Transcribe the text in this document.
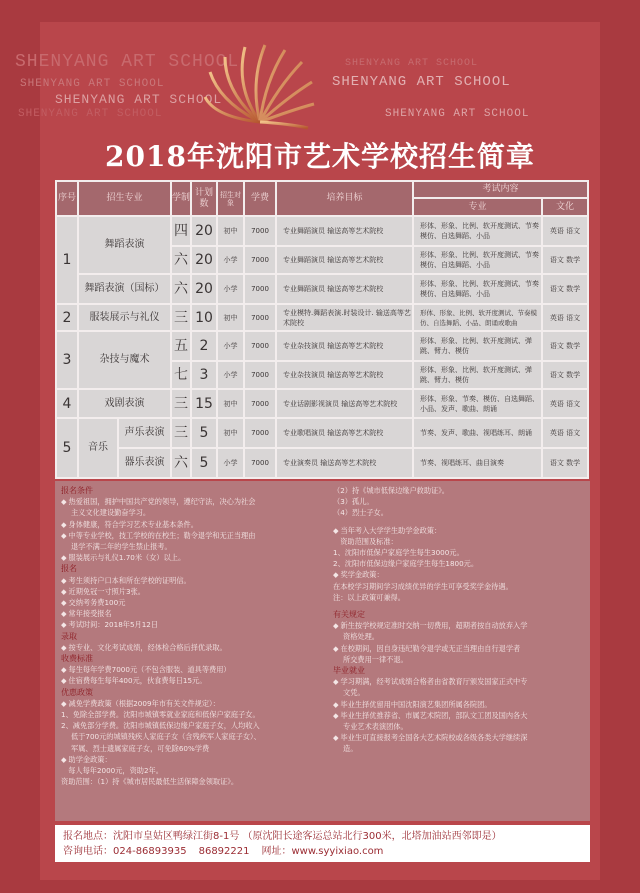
SHENYANG ART SCHOOL
SHENYANG ART SCHOOL
SHENYANG ART SCHOOL
SHENYANG ART SCHOOL
SHENYANG ART SCHOOL
SHENYANG ART SCHOOL
SHENYANG ART SCHOOL
2018年沈阳市艺术学校招生简章
序号	招生专业		学制	计划数	招生对象	学费	培养目标	考试内容	
								专业	文化
1	舞蹈表演		四	20	初中	7000	专业舞蹈演员 输送高等艺术院校	形体、形象、比例、软开度测试、节奏模仿、自选舞蹈、小品	英语 语文
			六	20	小学	7000	专业舞蹈演员 输送高等艺术院校	形体、形象、比例、软开度测试、节奏模仿、自选舞蹈、小品	语文 数学
	舞蹈表演（国标）		六	20	小学	7000	专业舞蹈演员 输送高等艺术院校	形体、形象、比例、软开度测试、节奏模仿、自选舞蹈、小品	语文 数学
2	服装展示与礼仪		三	10	初中	7000	专业模特.舞蹈表演.时装设计. 输送高等艺术院校	形体、形象、比例、软开度测试、节奏模仿、自选舞蹈、小品、朗诵或歌曲	英语 语文
3	杂技与魔术		五	2	小学	7000	专业杂技演员 输送高等艺术院校	形体、形象、比例、软开度测试、弹跳、臂力、模仿	语文 数学
			七	3	小学	7000	专业杂技演员 输送高等艺术院校	形体、形象、比例、软开度测试、弹跳、臂力、模仿	语文 数学
4	戏剧表演		三	15	初中	7000	专业话剧影视演员 输送高等艺术院校	形体、形象、节奏、模仿、自选舞蹈、小品、发声、歌曲、朗诵	英语 语文
5	音乐	声乐表演	三	5	初中	7000	专业歌唱演员 输送高等艺术院校	节奏、发声、歌曲、视唱练耳、朗诵	英语 语文
		器乐表演	六	5	小学	7000	专业演奏员 输送高等艺术院校	节奏、视唱练耳、曲目演奏	语文 数学
报名条件
◆ 热爱祖国，拥护中国共产党的领导，遵纪守法，决心为社会
主义文化建设勤奋学习。
◆ 身体健康，符合学习艺术专业基本条件。
◆ 中等专业学校，技工学校的在校生；勒令退学和无正当理由
退学不满二年的学生禁止报考。
◆ 服装展示与礼仪1.70米（女）以上。
报名
◆ 考生须持户口本和所在学校的证明信。
◆ 近期免冠一寸照片3张。
◆ 交纳考务费100元
◆ 常年接受报名
◆ 考试时间：2018年5月12日
录取
◆ 按专业、文化考试成绩，经体检合格后择优录取。
收费标准
◆ 每生每年学费7000元（不包含服装、道具等费用）
◆ 住宿费每生每年400元，伙食费每日15元。
优惠政策
◆ 减免学费政策（根据2009年市有关文件规定）：
1、免除全部学费。沈阳市城镇零就业家庭和低保户家庭子女。
2、减免部分学费。沈阳市城镇低保边缘户家庭子女，人均收入
低于700元的城镇残疾人家庭子女（含残疾军人家庭子女）、
军属、烈士遗属家庭子女，可免除60%学费
◆ 助学金政策：
　每人每年2000元，资助2年。
资助范围：（1）持《城市居民最低生活保障金领取证》。
（2）持《城市低保边缘户救助证》。
（3）孤儿。
（4）烈士子女。
◆ 当年考入大学学生助学金政策：
　资助范围及标准：
1、沈阳市低保户家庭学生每生3000元。
2、沈阳市低保边缘户家庭学生每生1800元。
◆ 奖学金政策：
在本校学习期间学习成绩优异的学生可享受奖学金待遇。
注：以上政策可兼得。
有关规定
◆ 新生按学校规定准时交纳一切费用，超期者按自动放弃入学
资格处理。
◆ 在校期间，因自身违纪勒令退学或无正当理由自行退学者
所交费用一律不退。
毕业就业
◆ 学习期满，经考试成绩合格者由省教育厅颁发国家正式中专
文凭。
◆ 毕业生择优留用中国沈阳演艺集团所属各院团。
◆ 毕业生择优推荐省、市属艺术院团，部队文工团及国内各大
专业艺术表演团体。
◆ 毕业生可直接报考全国各大艺术院校或各级各类大学继续深
造。
报名地点：沈阳市皇姑区鸭绿江街8-1号 （原沈阳长途客运总站北行300米，北塔加油站西邻即是）
咨询电话：024-86893935 86892221 网址：www.syyixiao.com
